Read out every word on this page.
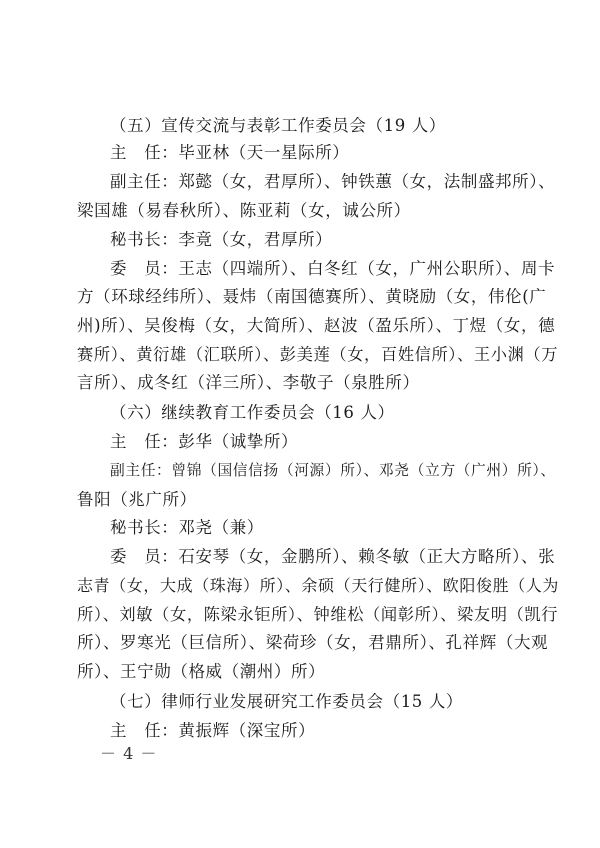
（五）宣传交流与表彰工作委员会（19 人）
主　任：毕亚林（天一星际所）
副主任：郑懿（女，君厚所）、钟铁蕙（女，法制盛邦所）、
梁国雄（易春秋所）、陈亚莉（女，诚公所）
秘书长：李竟（女，君厚所）
委　员：王志（四端所）、白冬红（女，广州公职所）、周卡
方（环球经纬所）、聂炜（南国德赛所）、黄晓励（女，伟伦(广
州)所）、吴俊梅（女，大简所）、赵波（盈乐所）、丁煜（女，德
赛所）、黄衍雄（汇联所）、彭美莲（女，百姓信所）、王小渊（万
言所）、成冬红（洋三所）、李敬子（泉胜所）
（六）继续教育工作委员会（16 人）
主　任：彭华（诚挚所）
副主任：曾锦（国信信扬（河源）所）、邓尧（立方（广州）所）、
鲁阳（兆广所）
秘书长：邓尧（兼）
委　员：石安琴（女，金鹏所）、赖冬敏（正大方略所）、张
志青（女，大成（珠海）所）、余硕（天行健所）、欧阳俊胜（人为
所）、刘敏（女，陈梁永钜所）、钟维松（闻彰所）、梁友明（凯行
所）、罗寒光（巨信所）、梁荷珍（女，君鼎所）、孔祥辉（大观
所）、王宁勋（格威（潮州）所）
（七）律师行业发展研究工作委员会（15 人）
主　任：黄振辉（深宝所）
－ 4 －
